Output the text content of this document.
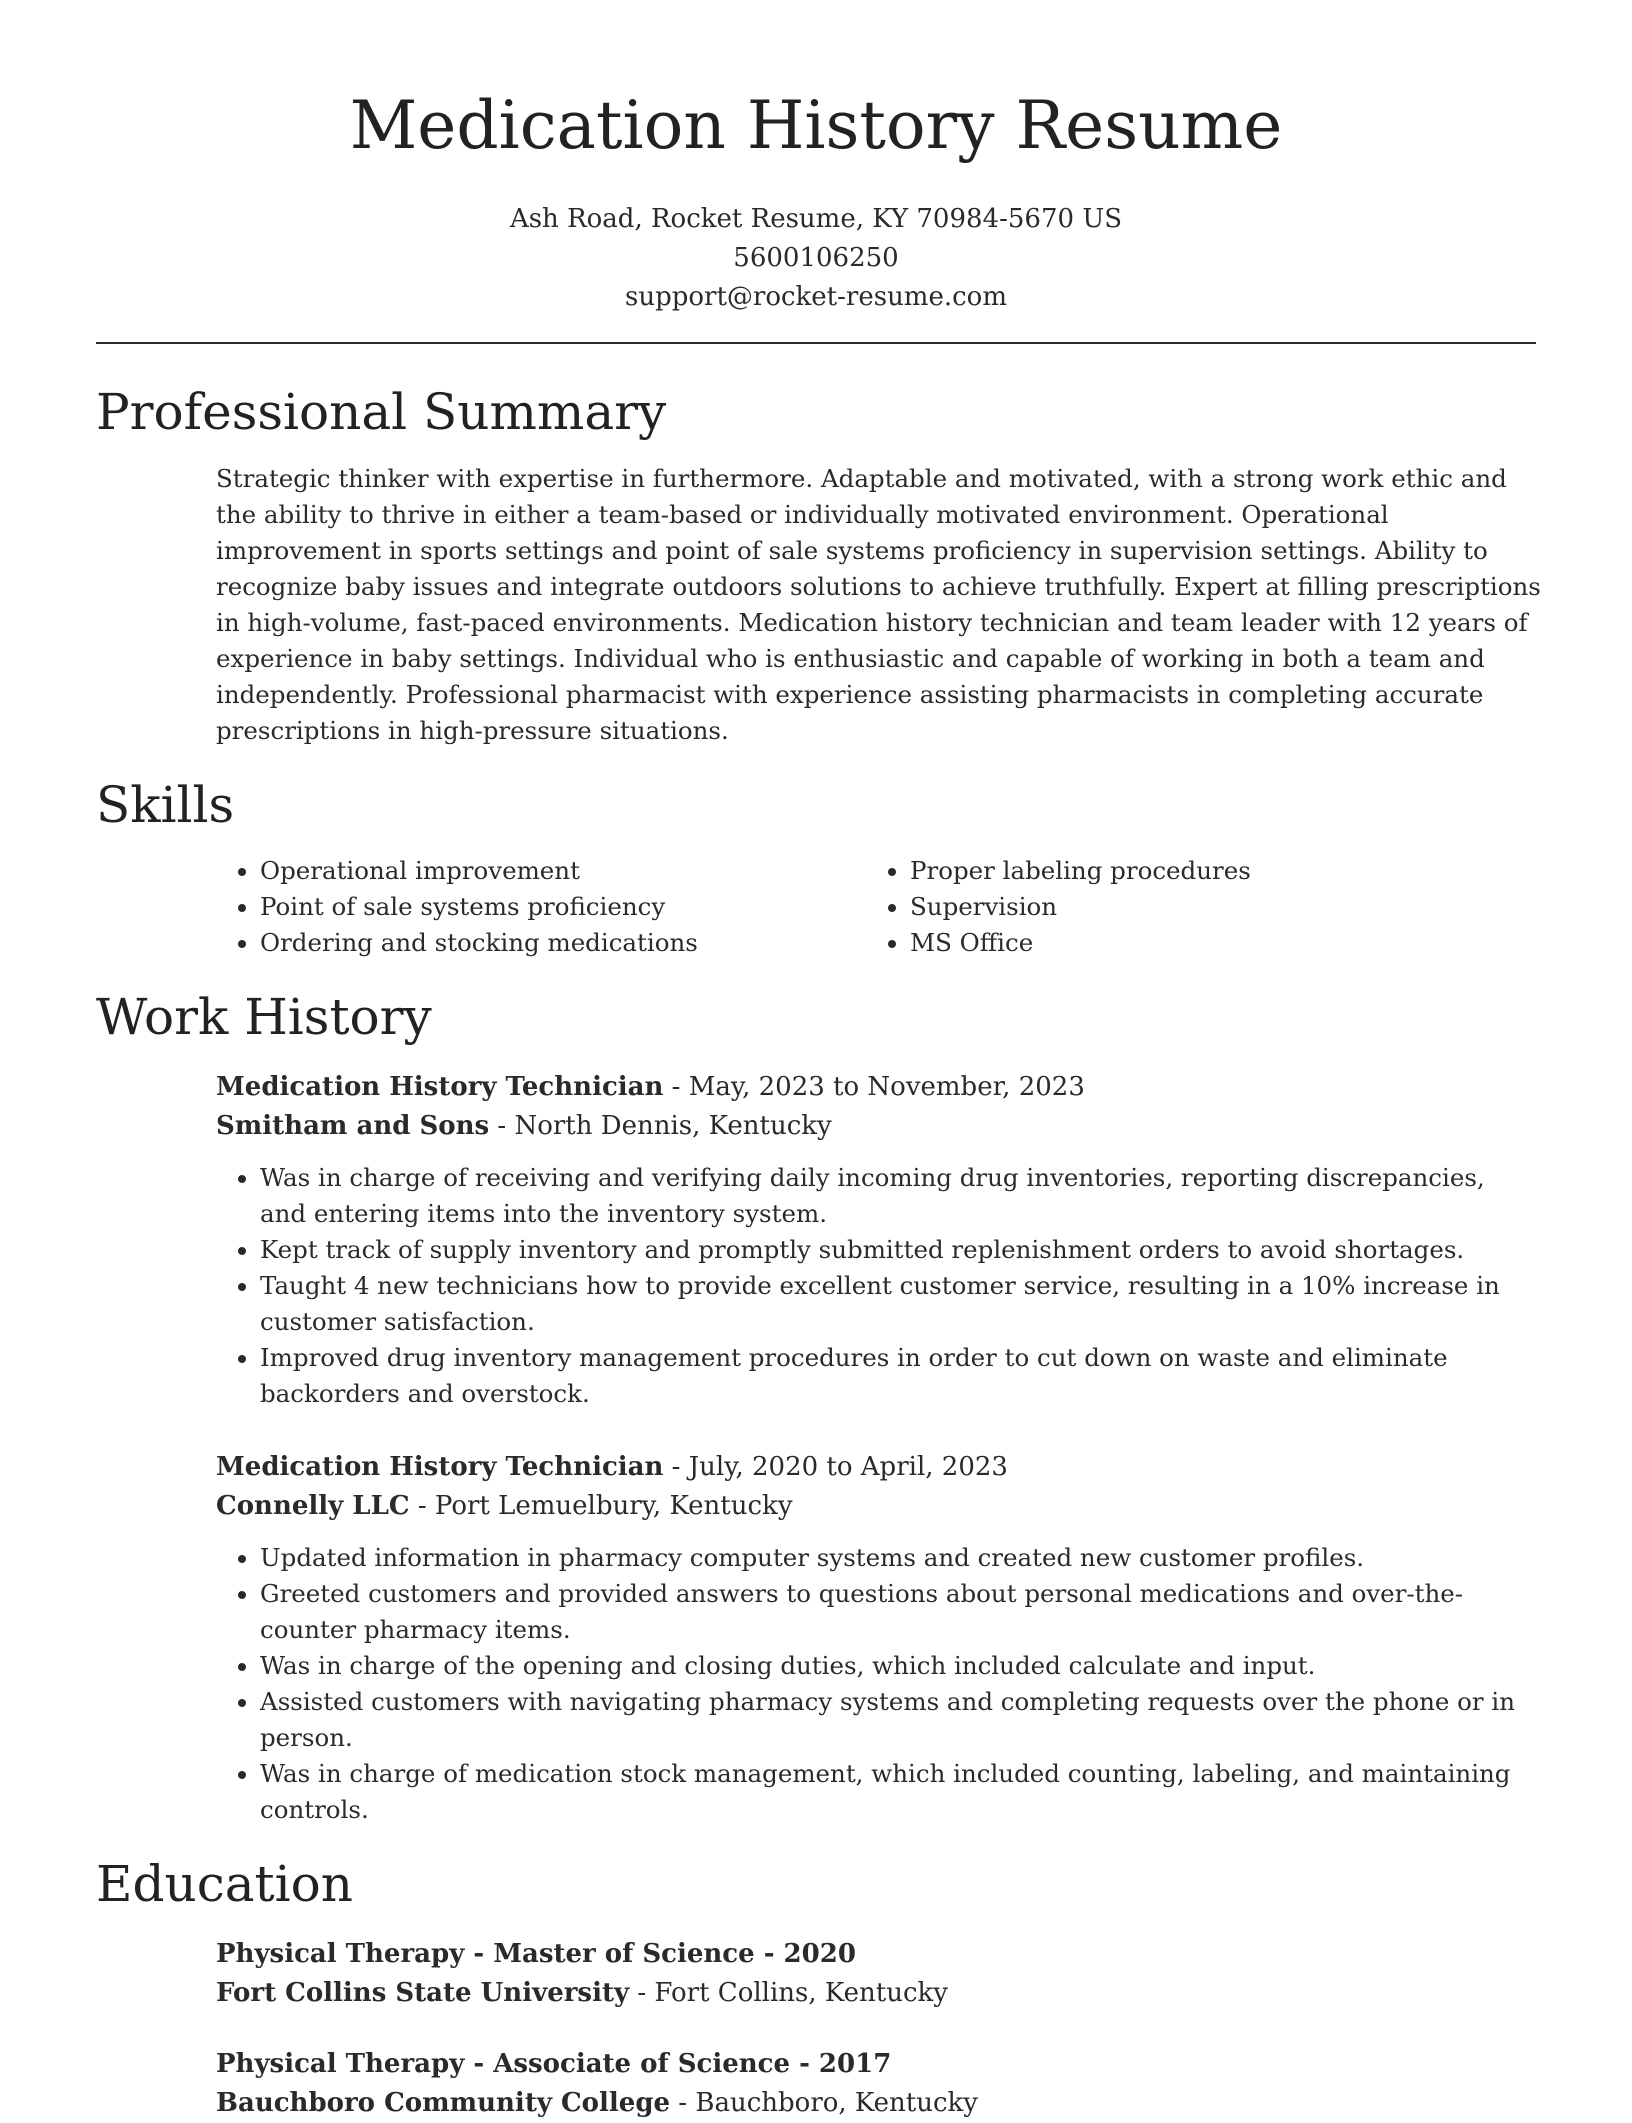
Medication History Resume
Ash Road, Rocket Resume, KY 70984-5670 US
5600106250
support@rocket-resume.com
Professional Summary

Strategic thinker with expertise in furthermore. Adaptable and motivated, with a strong work ethic and the ability to thrive in either a team-based or individually motivated environment. Operational improvement in sports settings and point of sale systems proficiency in supervision settings. Ability to recognize baby issues and integrate outdoors solutions to achieve truthfully. Expert at filling prescriptions in high-volume, fast-paced environments. Medication history technician and team leader with 12 years of experience in baby settings. Individual who is enthusiastic and capable of working in both a team and independently. Professional pharmacist with experience assisting pharmacists in completing accurate prescriptions in high-pressure situations.

Skills
• Operational improvement
• Point of sale systems proficiency
• Ordering and stocking medications
• Proper labeling procedures
• Supervision
• MS Office
Work History
Medication History Technician - May, 2023 to November, 2023
Smitham and Sons - North Dennis, Kentucky
• Was in charge of receiving and verifying daily incoming drug inventories, reporting discrepancies, and entering items into the inventory system.
• Kept track of supply inventory and promptly submitted replenishment orders to avoid shortages.
• Taught 4 new technicians how to provide excellent customer service, resulting in a 10% increase in customer satisfaction.
• Improved drug inventory management procedures in order to cut down on waste and eliminate backorders and overstock.
Medication History Technician - July, 2020 to April, 2023
Connelly LLC - Port Lemuelbury, Kentucky
• Updated information in pharmacy computer systems and created new customer profiles.
• Greeted customers and provided answers to questions about personal medications and over-the-counter pharmacy items.
• Was in charge of the opening and closing duties, which included calculate and input.
• Assisted customers with navigating pharmacy systems and completing requests over the phone or in person.
• Was in charge of medication stock management, which included counting, labeling, and maintaining controls.
Education
Physical Therapy - Master of Science - 2020
Fort Collins State University - Fort Collins, Kentucky
Physical Therapy - Associate of Science - 2017
Bauchboro Community College - Bauchboro, Kentucky
